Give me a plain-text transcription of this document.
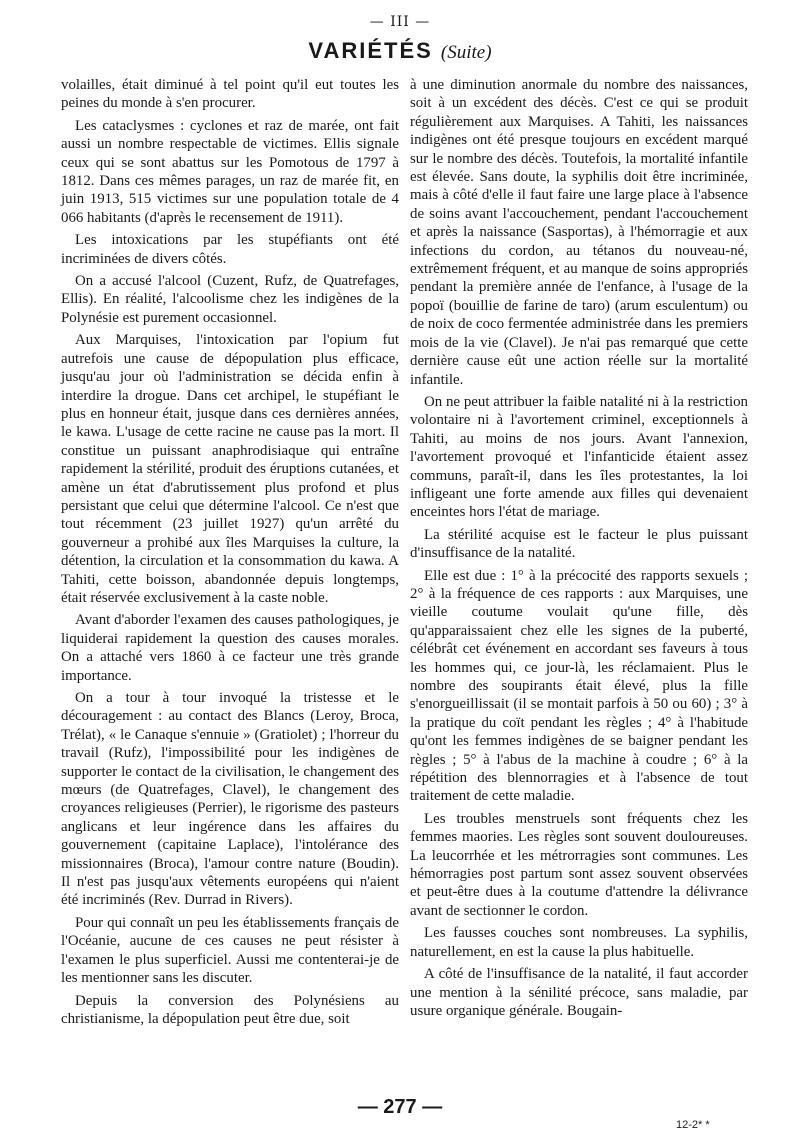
— III —
VARIÉTÉS (Suite)

volailles, était diminué à tel point qu'il eut toutes les peines du monde à s'en procurer.

Les cataclysmes : cyclones et raz de marée, ont fait aussi un nombre respectable de victimes. Ellis signale ceux qui se sont abattus sur les Pomotous de 1797 à 1812. Dans ces mêmes parages, un raz de marée fit, en juin 1913, 515 victimes sur une population totale de 4 066 habitants (d'après le recensement de 1911).

Les intoxications par les stupéfiants ont été incriminées de divers côtés.

On a accusé l'alcool (Cuzent, Rufz, de Quatrefages, Ellis). En réalité, l'alcoolisme chez les indigènes de la Polynésie est purement occasionnel.

Aux Marquises, l'intoxication par l'opium fut autrefois une cause de dépopulation plus efficace, jusqu'au jour où l'administration se décida enfin à interdire la drogue. Dans cet archipel, le stupéfiant le plus en honneur était, jusque dans ces dernières années, le kawa. L'usage de cette racine ne cause pas la mort. Il constitue un puissant anaphrodisiaque qui entraîne rapidement la stérilité, produit des éruptions cutanées, et amène un état d'abrutissement plus profond et plus persistant que celui que détermine l'alcool. Ce n'est que tout récemment (23 juillet 1927) qu'un arrêté du gouverneur a prohibé aux îles Marquises la culture, la détention, la circulation et la consommation du kawa. A Tahiti, cette boisson, abandonnée depuis longtemps, était réservée exclusivement à la caste noble.

Avant d'aborder l'examen des causes pathologiques, je liquiderai rapidement la question des causes morales. On a attaché vers 1860 à ce facteur une très grande importance.

On a tour à tour invoqué la tristesse et le découragement : au contact des Blancs (Leroy, Broca, Trélat), « le Canaque s'ennuie » (Gratiolet) ; l'horreur du travail (Rufz), l'impossibilité pour les indigènes de supporter le contact de la civilisation, le changement des mœurs (de Quatrefages, Clavel), le changement des croyances religieuses (Perrier), le rigorisme des pasteurs anglicans et leur ingérence dans les affaires du gouvernement (capitaine Laplace), l'intolérance des missionnaires (Broca), l'amour contre nature (Boudin). Il n'est pas jusqu'aux vêtements européens qui n'aient été incriminés (Rev. Durrad in Rivers).

Pour qui connaît un peu les établissements français de l'Océanie, aucune de ces causes ne peut résister à l'examen le plus superficiel. Aussi me contenterai-je de les mentionner sans les discuter.

Depuis la conversion des Polynésiens au christianisme, la dépopulation peut être due, soit

à une diminution anormale du nombre des naissances, soit à un excédent des décès. C'est ce qui se produit régulièrement aux Marquises. A Tahiti, les naissances indigènes ont été presque toujours en excédent marqué sur le nombre des décès. Toutefois, la mortalité infantile est élevée. Sans doute, la syphilis doit être incriminée, mais à côté d'elle il faut faire une large place à l'absence de soins avant l'accouchement, pendant l'accouchement et après la naissance (Sasportas), à l'hémorragie et aux infections du cordon, au tétanos du nouveau-né, extrêmement fréquent, et au manque de soins appropriés pendant la première année de l'enfance, à l'usage de la popoï (bouillie de farine de taro) (arum esculentum) ou de noix de coco fermentée administrée dans les premiers mois de la vie (Clavel). Je n'ai pas remarqué que cette dernière cause eût une action réelle sur la mortalité infantile.

On ne peut attribuer la faible natalité ni à la restriction volontaire ni à l'avortement criminel, exceptionnels à Tahiti, au moins de nos jours. Avant l'annexion, l'avortement provoqué et l'infanticide étaient assez communs, paraît-il, dans les îles protestantes, la loi infligeant une forte amende aux filles qui devenaient enceintes hors l'état de mariage.

La stérilité acquise est le facteur le plus puissant d'insuffisance de la natalité.

Elle est due : 1° à la précocité des rapports sexuels ; 2° à la fréquence de ces rapports : aux Marquises, une vieille coutume voulait qu'une fille, dès qu'apparaissaient chez elle les signes de la puberté, célébrât cet événement en accordant ses faveurs à tous les hommes qui, ce jour-là, les réclamaient. Plus le nombre des soupirants était élevé, plus la fille s'enorgueillissait (il se montait parfois à 50 ou 60) ; 3° à la pratique du coït pendant les règles ; 4° à l'habitude qu'ont les femmes indigènes de se baigner pendant les règles ; 5° à l'abus de la machine à coudre ; 6° à la répétition des blennorragies et à l'absence de tout traitement de cette maladie.

Les troubles menstruels sont fréquents chez les femmes maories. Les règles sont souvent douloureuses. La leucorrhée et les métrorragies sont communes. Les hémorragies post partum sont assez souvent observées et peut-être dues à la coutume d'attendre la délivrance avant de sectionner le cordon.

Les fausses couches sont nombreuses. La syphilis, naturellement, en est la cause la plus habituelle.

A côté de l'insuffisance de la natalité, il faut accorder une mention à la sénilité précoce, sans maladie, par usure organique générale. Bougain-

— 277 —
12-2* *
